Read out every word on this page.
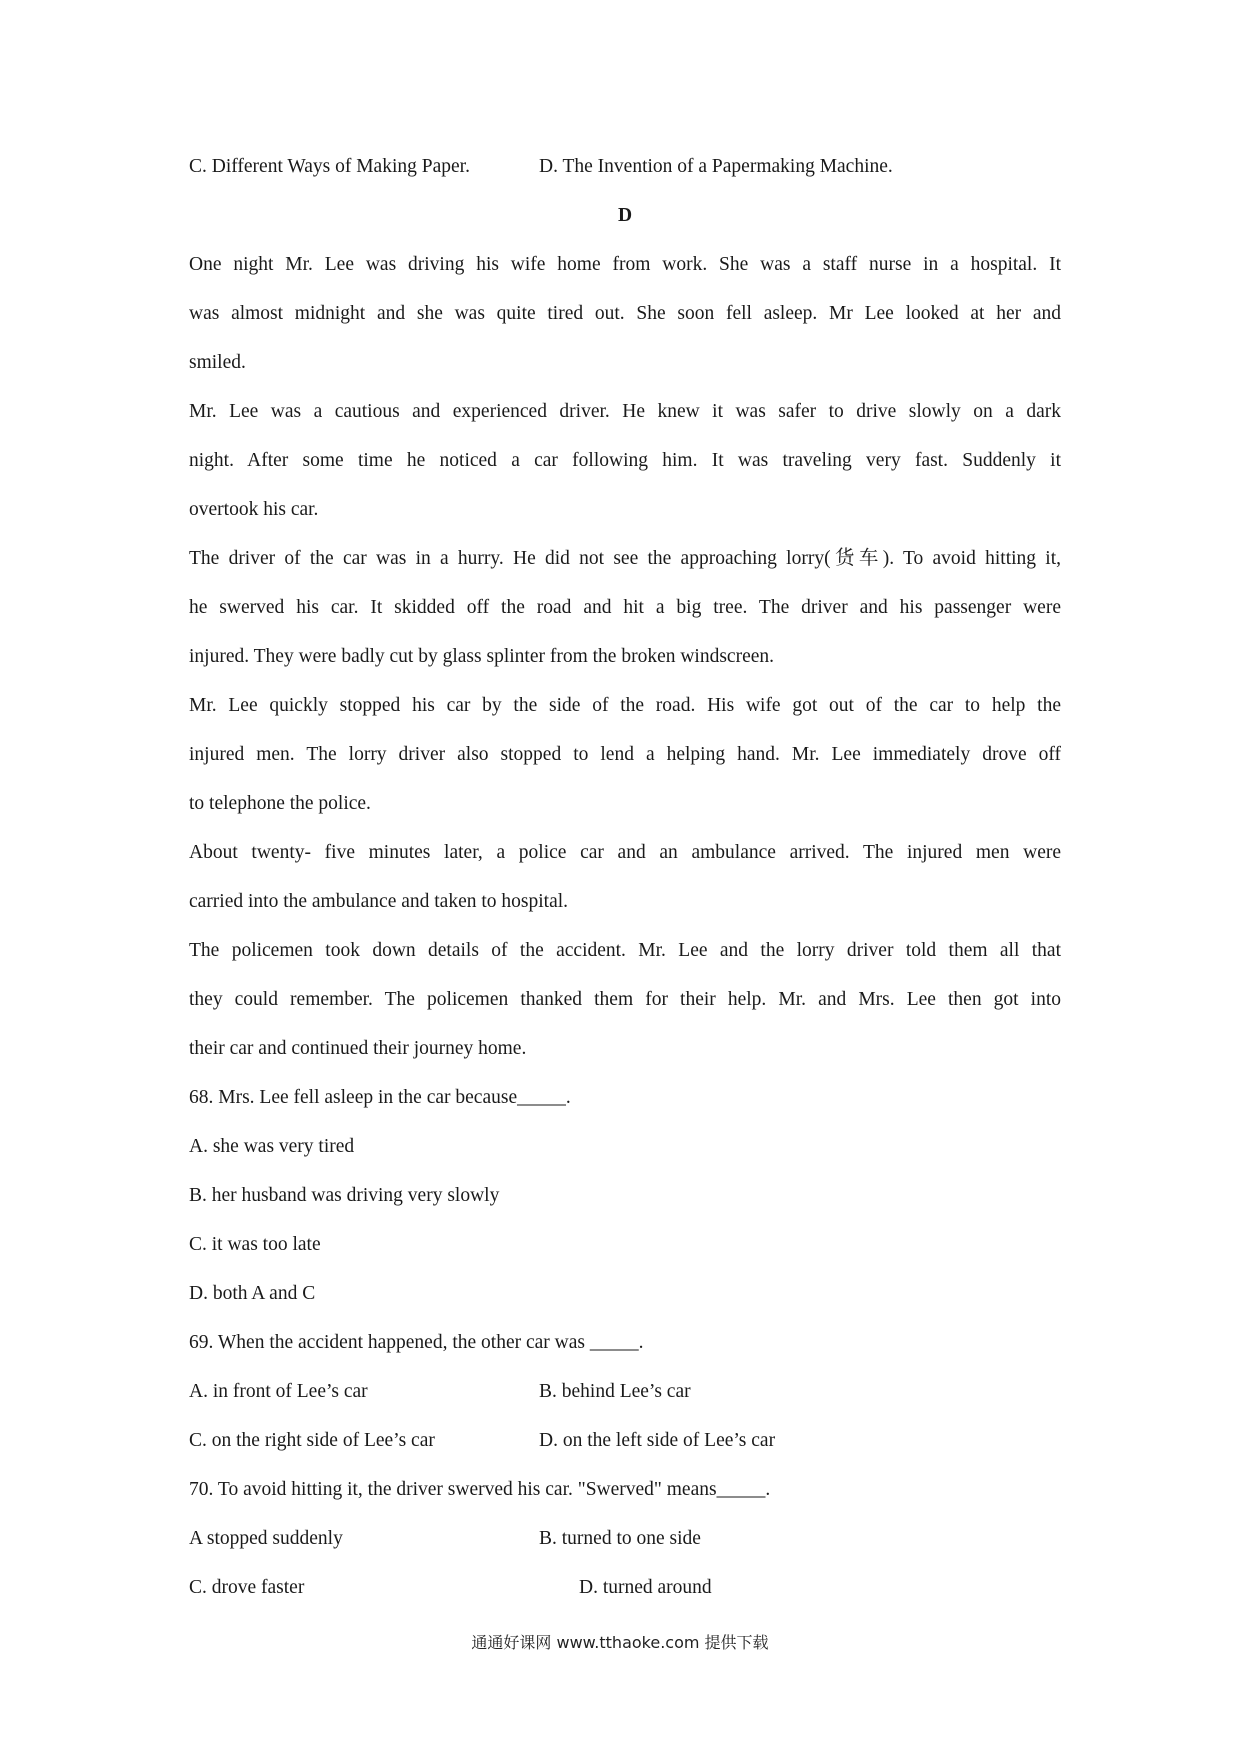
C. Different Ways of Making Paper.	D. The Invention of a Papermaking Machine.
D
One night Mr. Lee was driving his wife home from work. She was a staff nurse in a hospital. It
was almost midnight and she was quite tired out. She soon fell asleep. Mr Lee looked at her and
smiled.
Mr. Lee was a cautious and experienced driver. He knew it was safer to drive slowly on a dark
night. After some time he noticed a car following him. It was traveling very fast. Suddenly it
overtook his car.
The driver of the car was in a hurry. He did not see the approaching lorry(货车). To avoid hitting it,
he swerved his car. It skidded off the road and hit a big tree. The driver and his passenger were
injured. They were badly cut by glass splinter from the broken windscreen.
Mr. Lee quickly stopped his car by the side of the road. His wife got out of the car to help the
injured men. The lorry driver also stopped to lend a helping hand. Mr. Lee immediately drove off
to telephone the police.
About twenty- five minutes later, a police car and an ambulance arrived. The injured men were
carried into the ambulance and taken to hospital.
The policemen took down details of the accident. Mr. Lee and the lorry driver told them all that
they could remember. The policemen thanked them for their help. Mr. and Mrs. Lee then got into
their car and continued their journey home.
68. Mrs. Lee fell asleep in the car because_____.
A. she was very tired
B. her husband was driving very slowly
C. it was too late
D. both A and C
69. When the accident happened, the other car was _____.
A. in front of Lee’s car	B. behind Lee’s car
C. on the right side of Lee’s car	D. on the left side of Lee’s car
70. To avoid hitting it, the driver swerved his car. "Swerved" means_____.
A stopped suddenly	B. turned to one side
C. drove faster	D. turned around
通通好课网 www.tthaoke.com 提供下载
